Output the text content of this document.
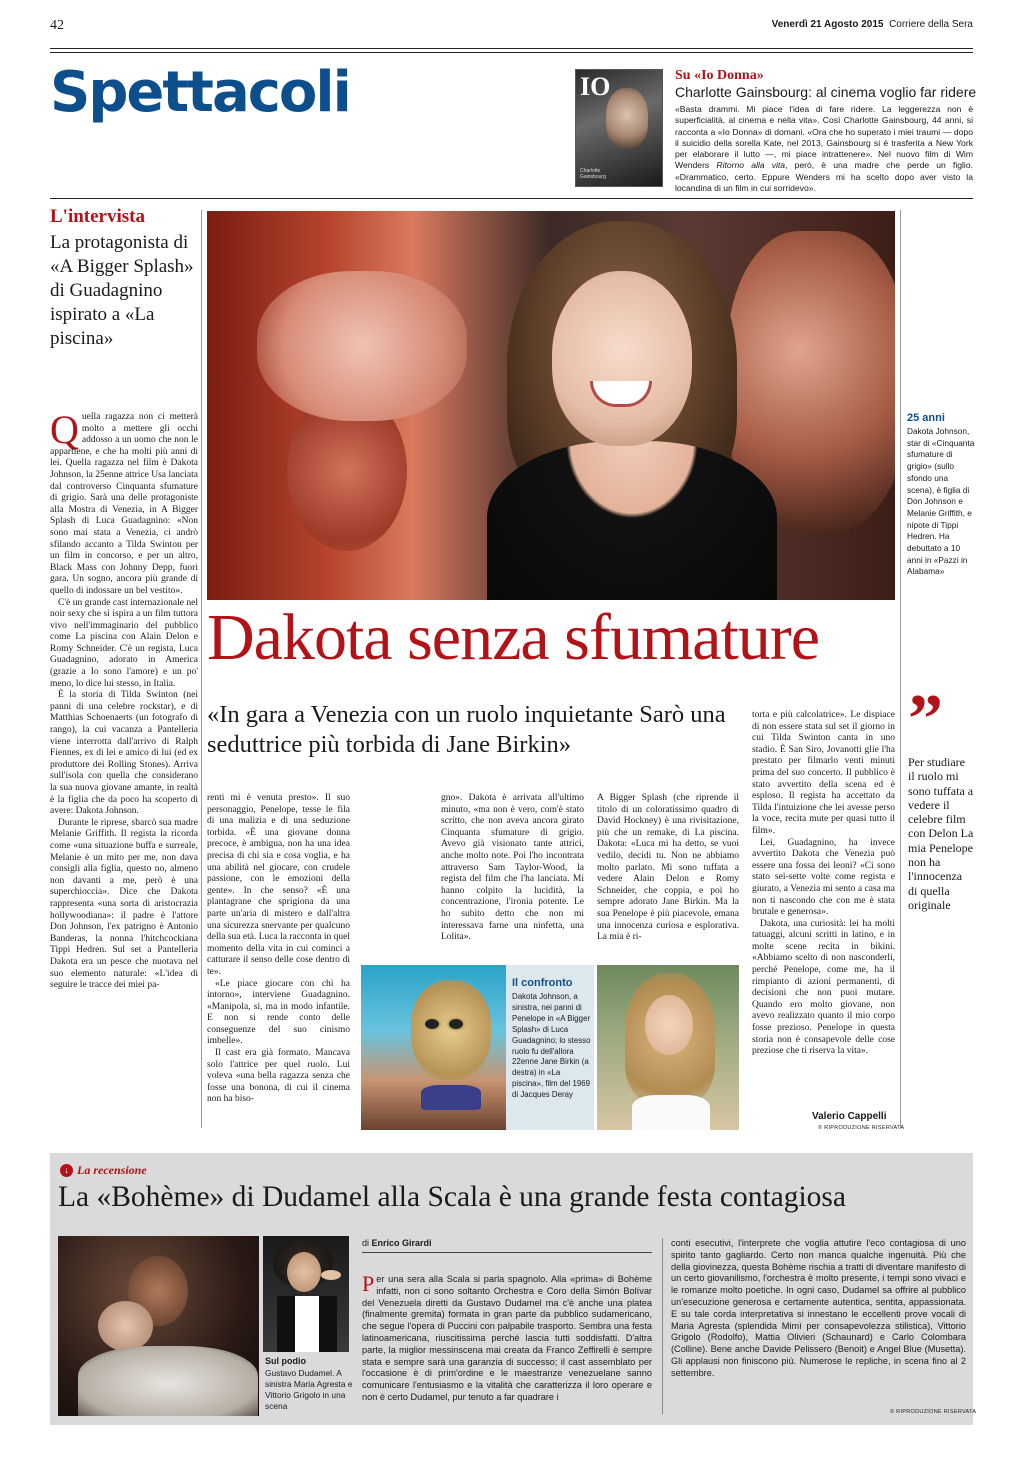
42	Venerdì 21 Agosto 2015 Corriere della Sera
Spettacoli	IO
Charlotte Gainsbourg
Su «Io Donna»
Charlotte Gainsbourg: al cinema voglio far ridere
«Basta drammi. Mi piace l'idea di fare ridere. La leggerezza non è superficialità, al cinema e nella vita». Così Charlotte Gainsbourg, 44 anni, si racconta a «Io Donna» di domani. «Ora che ho superato i miei traumi — dopo il suicidio della sorella Kate, nel 2013, Gainsbourg si è trasferita a New York per elaborare il lutto —, mi piace intrattenere». Nel nuovo film di Wim Wenders Ritorno alla vita, però, è una madre che perde un figlio. «Drammatico, certo. Eppure Wenders mi ha scelto dopo aver visto la locandina di un film in cui sorridevo».
L'intervista
La protagonista di «A Bigger Splash» di Guadagnino ispirato a «La piscina»

Quella ragazza non ci metterà molto a mettere gli occhi addosso a un uomo che non le appartiene, e che ha molti più anni di lei. Quella ragazza nel film è Dakota Johnson, la 25enne attrice Usa lanciata dal controverso Cinquanta sfumature di grigio. Sarà una delle protagoniste alla Mostra di Venezia, in A Bigger Splash di Luca Guadagnino: «Non sono mai stata a Venezia, ci andrò sfilando accanto a Tilda Swinton per un film in concorso, e per un altro, Black Mass con Johnny Depp, fuori gara. Un sogno, ancora più grande di quello di indossare un bel vestito».

C'è un grande cast internazionale nel noir sexy che si ispira a un film tuttora vivo nell'immaginario del pubblico come La piscina con Alain Delon e Romy Schneider. C'è un regista, Luca Guadagnino, adorato in America (grazie a Io sono l'amore) e un po' meno, lo dice lui stesso, in Italia.

È la storia di Tilda Swinton (nei panni di una celebre rockstar), e di Matthias Schoenaerts (un fotografo di rango), la cui vacanza a Pantelleria viene interrotta dall'arrivo di Ralph Fiennes, ex di lei e amico di lui (ed ex produttore dei Rolling Stones). Arriva sull'isola con quella che considerano la sua nuova giovane amante, in realtà è la figlia che da poco ha scoperto di avere: Dakota Johnson.

Durante le riprese, sbarcò sua madre Melanie Griffith. Il regista la ricorda come «una situazione buffa e surreale, Melanie è un mito per me, non dava consigli alla figlia, questo no, almeno non davanti a me, però è una superchioccia». Dice che Dakota rappresenta «una sorta di aristocrazia hollywoodiana»: il padre è l'attore Don Johnson, l'ex patrigno è Antonio Banderas, la nonna l'hitchcockiana Tippi Hedren. Sul set a Pantelleria Dakota era un pesce che nuotava nel suo elemento naturale: «L'idea di seguire le tracce dei miei pa-

25 anni
Dakota Johnson, star di «Cinquanta sfumature di grigio» (sullo sfondo una scena), è figlia di Don Johnson e Melanie Griffith, e nipote di Tippi Hedren. Ha debuttato a 10 anni in «Pazzi in Alabama»
Dakota senza sfumature
«In gara a Venezia con un ruolo inquietante Sarò una seduttrice più torbida di Jane Birkin»	”
Per studiare il ruolo mi sono tuffata a vedere il celebre film con Delon La mia Penelope non ha l'innocenza di quella originale

renti mi è venuta presto». Il suo personaggio, Penelope, tesse le fila di una malizia e di una seduzione torbida. «È una giovane donna precoce, è ambigua, non ha una idea precisa di chi sia e cosa voglia, e ha una abilità nel giocare, con crudele passione, con le emozioni della gente». In che senso? «È una plantagrane che sprigiona da una parte un'aria di mistero e dall'altra una sicurezza snervante per qualcuno della sua età. Luca la racconta in quel momento della vita in cui cominci a catturare il senso delle cose dentro di te».

«Le piace giocare con chi ha intorno», interviene Guadagnino. «Manipola, sì, ma in modo infantile. E non si rende conto delle conseguenze del suo cinismo imbelle».

Il cast era già formato. Mancava solo l'attrice per quel ruolo. Lui voleva «una bella ragazza senza che fosse una bonona, di cui il cinema non ha biso-

gno». Dakota è arrivata all'ultimo minuto, «ma non è vero, com'è stato scritto, che non aveva ancora girato Cinquanta sfumature di grigio. Avevo già visionato tante attrici, anche molto note. Poi l'ho incontrata attraverso Sam Taylor-Wood, la regista del film che l'ha lanciata. Mi hanno colpito la lucidità, la concentrazione, l'ironia potente. Le ho subito detto che non mi interessava farne una ninfetta, una Lolita».

A Bigger Splash (che riprende il titolo di un coloratissimo quadro di David Hockney) è una rivisitazione, più che un remake, di La piscina. Dakota: «Luca mi ha detto, se vuoi vedilo, decidi tu. Non ne abbiamo molto parlato. Mi sono tuffata a vedere Alain Delon e Romy Schneider, che coppia, e poi ho sempre adorato Jane Birkin. Ma la sua Penelope è più piacevole, emana una innocenza curiosa e esplorativa. La mia è ri-

torta e più calcolatrice». Le dispiace di non essere stata sul set il giorno in cui Tilda Swinton canta in uno stadio. È San Siro, Jovanotti glie l'ha prestato per filmarlo venti minuti prima del suo concerto. Il pubblico è stato avvertito della scena ed è esploso. Il regista ha accettato da Tilda l'intuizione che lei avesse perso la voce, recita mute per quasi tutto il film».

Lei, Guadagnino, ha invece avvertito Dakota che Venezia può essere una fossa dei leoni? «Ci sono stato sei-sette volte come regista e giurato, a Venezia mi sento a casa ma non ti nascondo che con me è stata brutale e generosa».

Dakota, una curiosità: lei ha molti tatuaggi, alcuni scritti in latino, e in molte scene recita in bikini. «Abbiamo scelto di non nasconderli, perché Penelope, come me, ha il rimpianto di azioni permanenti, di decisioni che non puoi mutare. Quando ero molto giovane, non avevo realizzato quanto il mio corpo fosse prezioso. Penelope in questa storia non è consapevole delle cose preziose che ti riserva la vita».

Il confronto
Dakota Johnson, a sinistra, nei panni di Penelope in «A Bigger Splash» di Luca Guadagnino; lo stesso ruolo fu dell'allora 22enne Jane Birkin (a destra) in «La piscina», film del 1969 di Jacques Deray
Valerio Cappelli
© RIPRODUZIONE RISERVATA
↓ La recensione
La «Bohème» di Dudamel alla Scala è una grande festa contagiosa
Sul podio
Gustavo Dudamel. A sinistra Maria Agresta e Vittorio Grigolo in una scena
di Enrico Girardi
Per una sera alla Scala si parla spagnolo. Alla «prima» di Bohème infatti, non ci sono soltanto Orchestra e Coro della Simón Bolívar del Venezuela diretti da Gustavo Dudamel ma c'è anche una platea (finalmente gremita) formata in gran parte da pubblico sudamericano, che segue l'opera di Puccini con palpabile trasporto. Sembra una festa latinoamericana, riuscitissima perché lascia tutti soddisfatti. D'altra parte, la miglior messinscena mai creata da Franco Zeffirelli è sempre stata e sempre sarà una garanzia di successo; il cast assemblato per l'occasione è di prim'ordine e le maestranze venezuelane sanno comunicare l'entusiasmo e la vitalità che caratterizza il loro operare e non è certo Dudamel, pur tenuto a far quadrare i
conti esecutivi, l'interprete che voglia attutire l'eco contagiosa di uno spirito tanto gagliardo. Certo non manca qualche ingenuità. Più che della giovinezza, questa Bohème rischia a tratti di diventare manifesto di un certo giovanilismo, l'orchestra è molto presente, i tempi sono vivaci e le romanze molto poetiche. In ogni caso, Dudamel sa offrire al pubblico un'esecuzione generosa e certamente autentica, sentita, appassionata. E su tale corda interpretativa si innestano le eccellenti prove vocali di Maria Agresta (splendida Mimì per consapevolezza stilistica), Vittorio Grigolo (Rodolfo), Mattia Olivieri (Schaunard) e Carlo Colombara (Colline). Bene anche Davide Pelissero (Benoit) e Angel Blue (Musetta). Gli applausi non finiscono più. Numerose le repliche, in scena fino al 2 settembre.
© RIPRODUZIONE RISERVATA
